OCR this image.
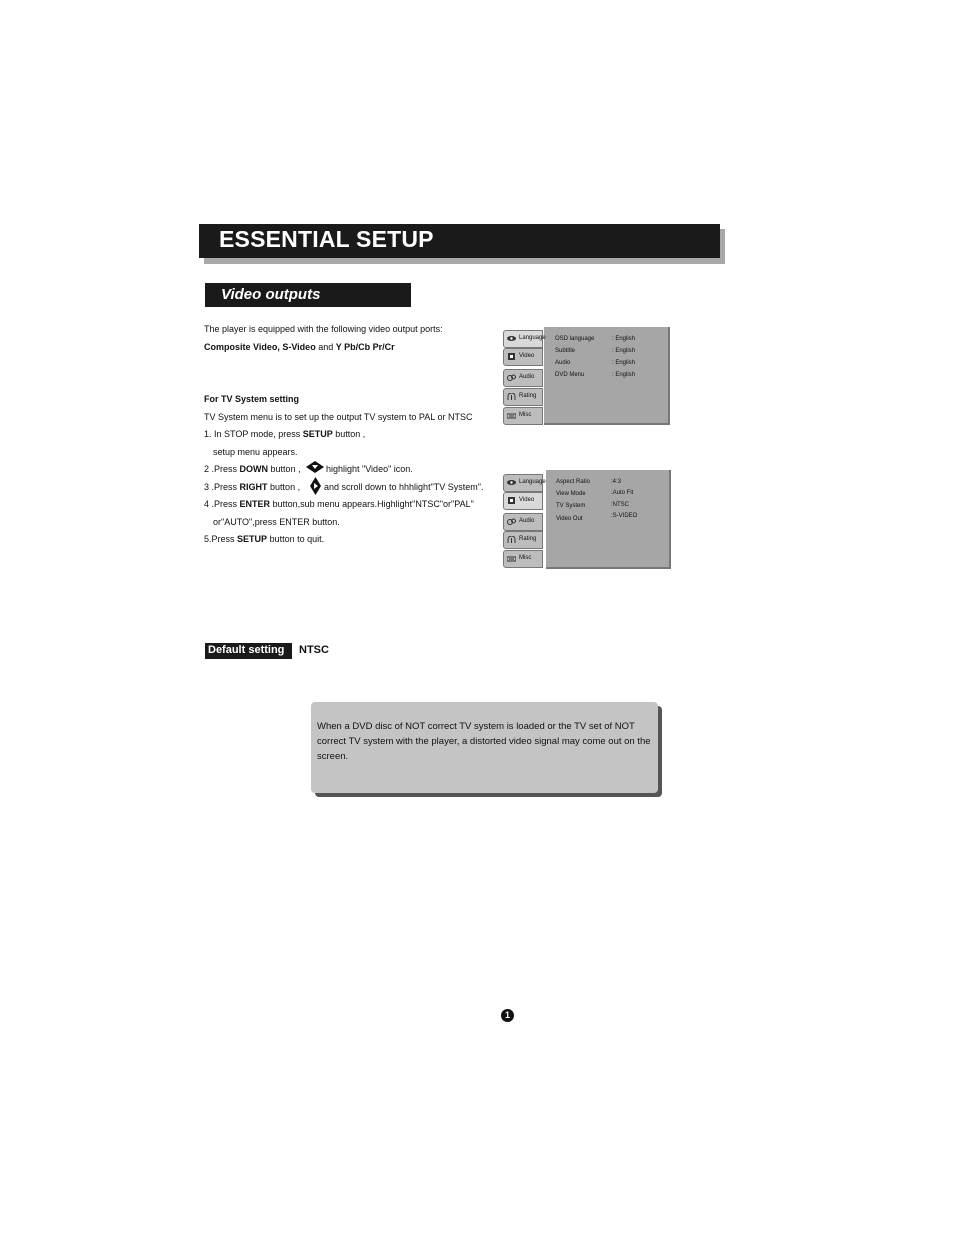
ESSENTIAL SETUP
Video outputs
The player is equipped with the following video output ports:
Composite Video, S-Video and Y Pb/Cb Pr/Cr
For TV System setting
TV System menu is to set up the output TV system to PAL or NTSC
1. In STOP mode, press SETUP button ,
setup menu appears.
2 .Press DOWN button ,	highlight "Video" icon.
3 .Press RIGHT button ,	and scroll down to hhhlight"TV System".
4 .Press ENTER button,sub menu appears.Highlight"NTSC"or"PAL"
or"AUTO",press ENTER button.
5.Press SETUP button to quit.
Language
Video
Audio
Rating
Misc
OSD language	: English
Subtitle	: English
Audio	: English
DVD Menu	: English
Language
Video
Audio
Rating
Misc
Aspect Ratio	:4:3
View Mode	:Auto Fit
TV System	:NTSC
Video Out	:S-VIDEO
Default setting NTSC
When a DVD disc of NOT correct TV system is loaded or the TV set of NOT correct TV system with the player, a distorted video signal may come out on the screen.
1
